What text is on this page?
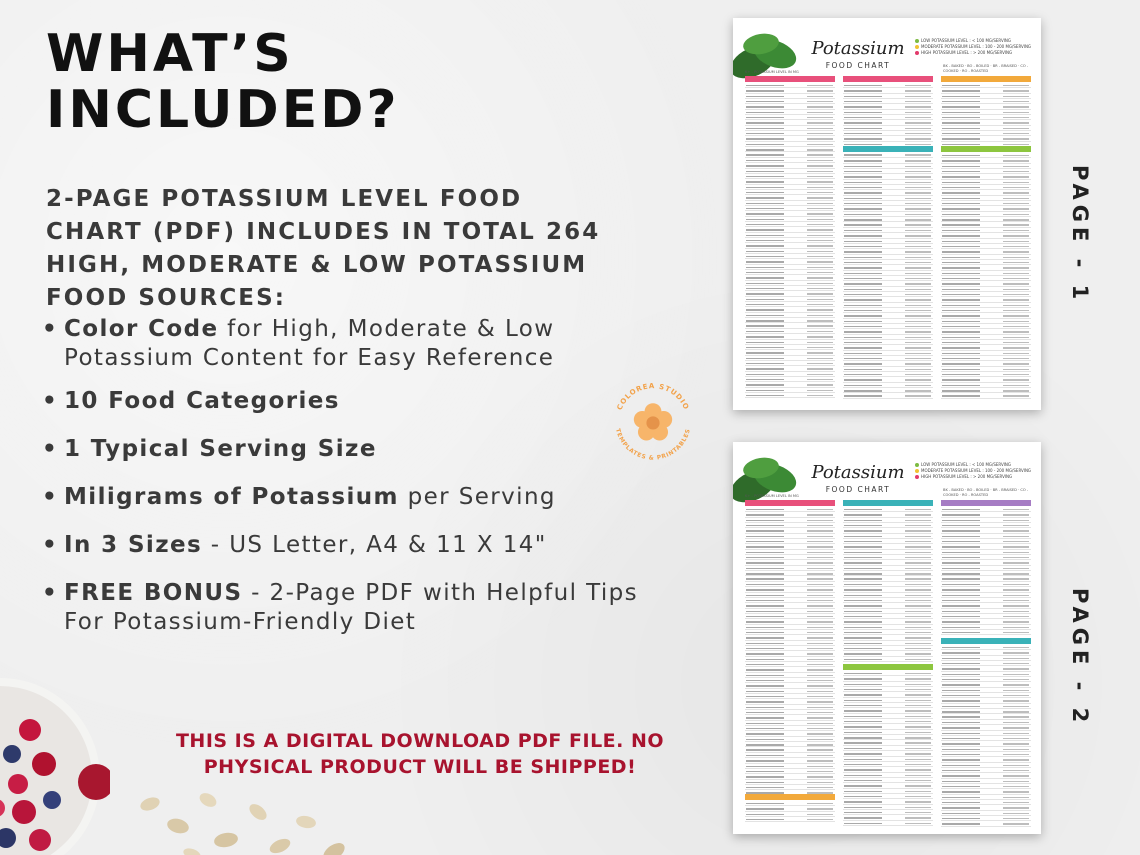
WHAT’S
INCLUDED?
2-PAGE POTASSIUM LEVEL FOOD CHART (PDF) INCLUDES IN TOTAL 264 HIGH, MODERATE & LOW POTASSIUM FOOD SOURCES:
• Color Code for High, Moderate & Low Potassium Content for Easy Reference
• 10 Food Categories
• 1 Typical Serving Size
• Miligrams of Potassium per Serving
• In 3 Sizes - US Letter, A4 & 11 X 14"
• FREE BONUS - 2-Page PDF with Helpful Tips For Potassium-Friendly Diet
THIS IS A DIGITAL DOWNLOAD PDF FILE. NO PHYSICAL PRODUCT WILL BE SHIPPED!
COLOREA STUDIO
TEMPLATES & PRINTABLES
PAGE - 1
PAGE - 2
Potassium
FOOD CHART
LOW POTASSIUM LEVEL : < 100 MG/SERVING
MODERATE POTASSIUM LEVEL : 100 - 200 MG/SERVING
HIGH POTASSIUM LEVEL : > 200 MG/SERVING
BK - BAKED · BO - BOILED · BR - BRAISED · CO - COOKED · RO - ROASTED
K+ - POTASSIUM LEVEL IN MG
Potassium
FOOD CHART
LOW POTASSIUM LEVEL : < 100 MG/SERVING
MODERATE POTASSIUM LEVEL : 100 - 200 MG/SERVING
HIGH POTASSIUM LEVEL : > 200 MG/SERVING
BK - BAKED · BO - BOILED · BR - BRAISED · CO - COOKED · RO - ROASTED
K+ - POTASSIUM LEVEL IN MG
